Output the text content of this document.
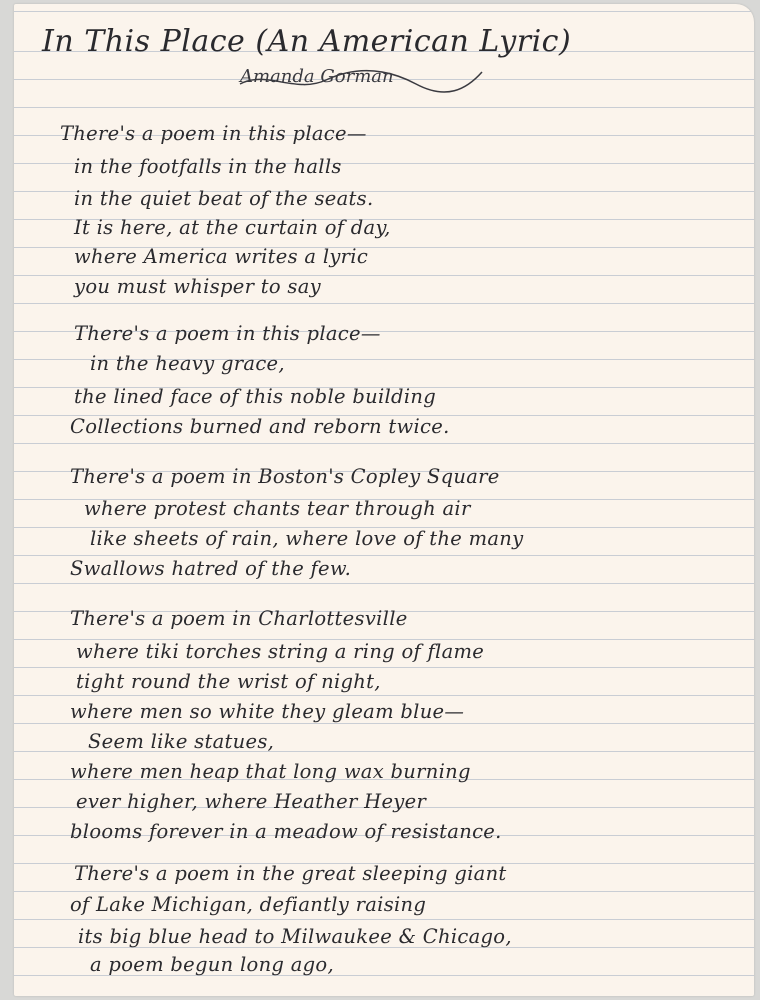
In This Place (An American Lyric)
Amanda Gorman
There's a poem in this place—
in the footfalls in the halls
in the quiet beat of the seats.
It is here, at the curtain of day,
where America writes a lyric
you must whisper to say
There's a poem in this place—
in the heavy grace,
the lined face of this noble building
Collections burned and reborn twice.
There's a poem in Boston's Copley Square
where protest chants tear through air
like sheets of rain, where love of the many
Swallows hatred of the few.
There's a poem in Charlottesville
where tiki torches string a ring of flame
tight round the wrist of night,
where men so white they gleam blue—
Seem like statues,
where men heap that long wax burning
ever higher, where Heather Heyer
blooms forever in a meadow of resistance.
There's a poem in the great sleeping giant
of Lake Michigan, defiantly raising
its big blue head to Milwaukee & Chicago,
a poem begun long ago,
